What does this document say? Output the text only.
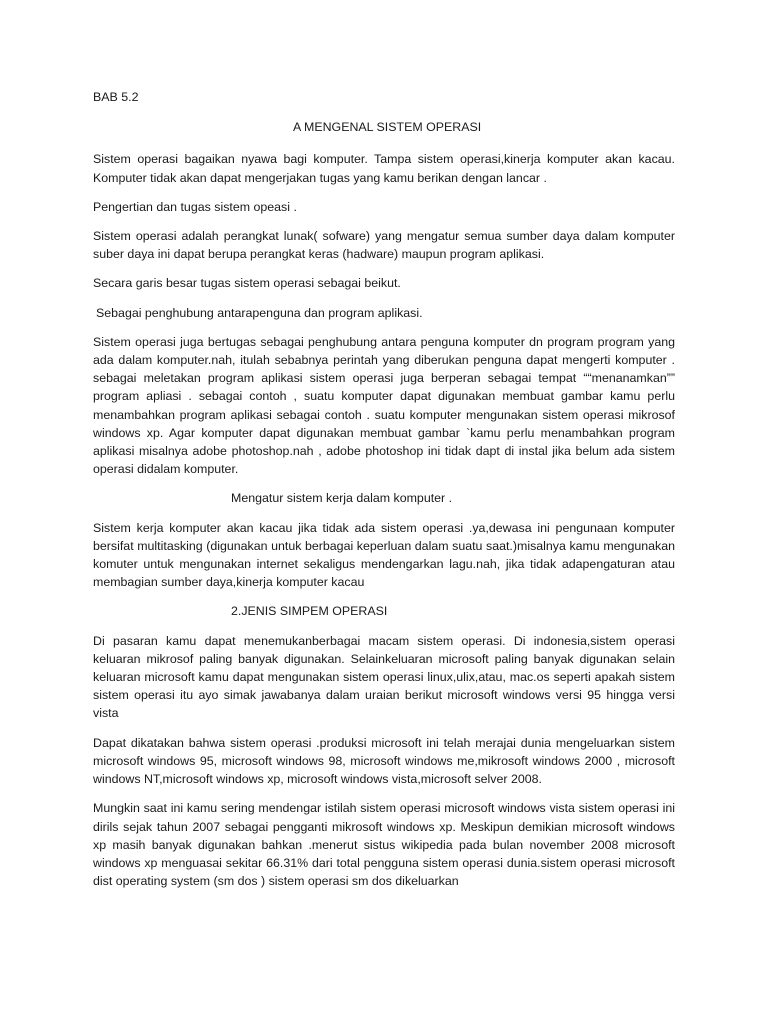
BAB 5.2

A MENGENAL SISTEM OPERASI

Sistem operasi bagaikan nyawa bagi komputer. Tampa sistem operasi,kinerja komputer akan kacau. Komputer tidak akan dapat mengerjakan tugas yang kamu berikan dengan lancar .

Pengertian dan tugas sistem opeasi .

Sistem operasi adalah perangkat lunak( sofware) yang mengatur semua sumber daya dalam komputer suber daya ini dapat berupa perangkat keras (hadware) maupun program aplikasi.

Secara garis besar tugas sistem operasi sebagai beikut.

Sebagai penghubung antarapenguna dan program aplikasi.

Sistem operasi juga bertugas sebagai penghubung antara penguna komputer dn program program yang ada dalam komputer.nah, itulah sebabnya perintah yang diberukan penguna dapat mengerti komputer . sebagai meletakan program aplikasi sistem operasi juga berperan sebagai tempat ““menanamkan”” program apliasi . sebagai contoh , suatu komputer dapat digunakan membuat gambar kamu perlu menambahkan program aplikasi sebagai contoh . suatu komputer mengunakan sistem operasi mikrosof windows xp. Agar komputer dapat digunakan membuat gambar `kamu perlu menambahkan program aplikasi misalnya adobe photoshop.nah , adobe photoshop ini tidak dapt di instal jika belum ada sistem operasi didalam komputer.

Mengatur sistem kerja dalam komputer .

Sistem kerja komputer akan kacau jika tidak ada sistem operasi .ya,dewasa ini pengunaan komputer bersifat multitasking (digunakan untuk berbagai keperluan dalam suatu saat.)misalnya kamu mengunakan komuter untuk mengunakan internet sekaligus mendengarkan lagu.nah, jika tidak adapengaturan atau membagian sumber daya,kinerja komputer kacau

2.JENIS SIMPEM OPERASI

Di pasaran kamu dapat menemukanberbagai macam sistem operasi. Di indonesia,sistem operasi keluaran mikrosof paling banyak digunakan. Selainkeluaran microsoft paling banyak digunakan selain keluaran microsoft kamu dapat mengunakan sistem operasi linux,ulix,atau, mac.os seperti apakah sistem sistem operasi itu ayo simak jawabanya dalam uraian berikut microsoft windows versi 95 hingga versi vista

Dapat dikatakan bahwa sistem operasi .produksi microsoft ini telah merajai dunia mengeluarkan sistem microsoft windows 95, microsoft windows 98, microsoft windows me,mikrosoft windows 2000 , microsoft windows NT,microsoft windows xp, microsoft windows vista,microsoft selver 2008.

Mungkin saat ini kamu sering mendengar istilah sistem operasi microsoft windows vista sistem operasi ini dirils sejak tahun 2007 sebagai pengganti mikrosoft windows xp. Meskipun demikian microsoft windows xp masih banyak digunakan bahkan .menerut sistus wikipedia pada bulan november 2008 microsoft windows xp menguasai sekitar 66.31% dari total pengguna sistem operasi dunia.sistem operasi microsoft dist operating system (sm dos ) sistem operasi sm dos dikeluarkan
